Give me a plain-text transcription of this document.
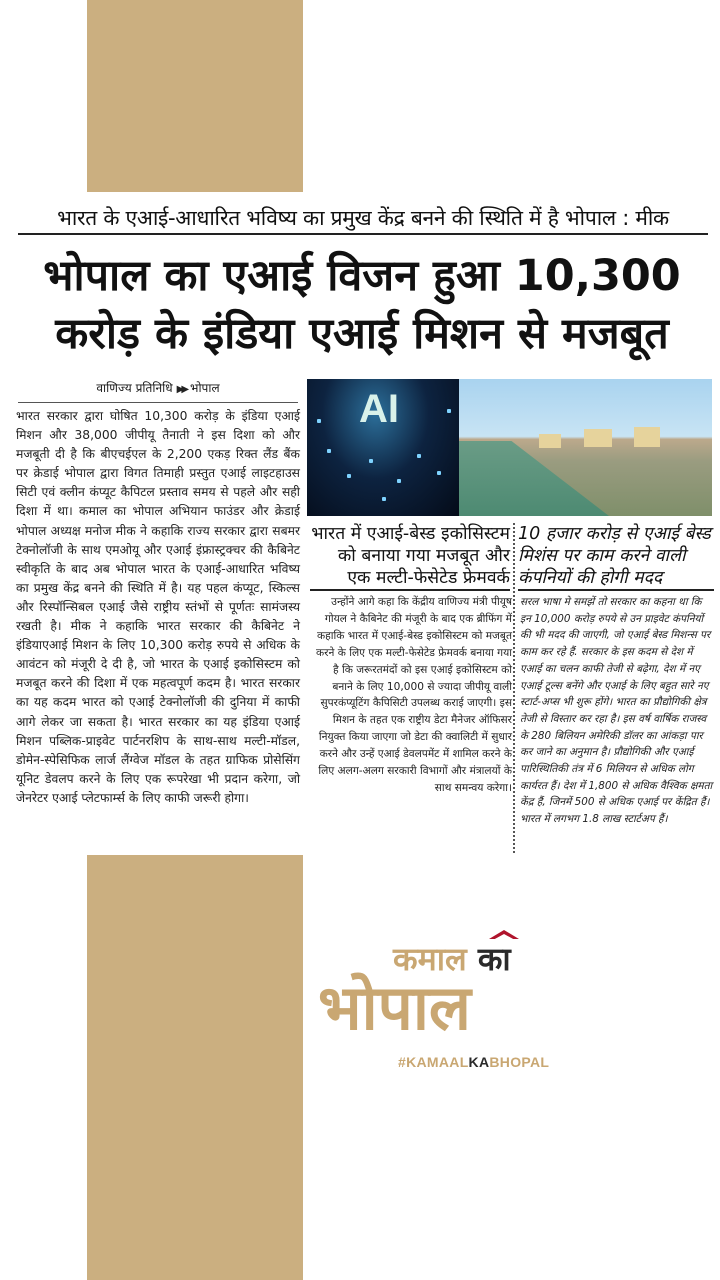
भारत के एआई-आधारित भविष्य का प्रमुख केंद्र बनने की स्थिति में है भोपाल : मीक
भोपाल का एआई विजन हुआ 10,300
करोड़ के इंडिया एआई मिशन से मजबूत
वाणिज्य प्रतिनिधि ▶▶ भोपाल
भारत सरकार द्वारा घोषित 10,300 करोड़ के इंडिया एआई मिशन और 38,000 जीपीयू तैनाती ने इस दिशा को और मजबूती दी है कि बीएचईएल के 2,200 एकड़ रिक्त लैंड बैंक पर क्रेडाई भोपाल द्वारा विगत तिमाही प्रस्तुत एआई लाइटहाउस सिटी एवं क्लीन कंप्यूट कैपिटल प्रस्ताव समय से पहले और सही दिशा में था। कमाल का भोपाल अभियान फाउंडर और क्रेडाई भोपाल अध्यक्ष मनोज मीक ने कहाकि राज्य सरकार द्वारा सबमर टेक्नोलॉजी के साथ एमओयू और एआई इंफ्रास्ट्रक्चर की कैबिनेट स्वीकृति के बाद अब भोपाल भारत के एआई-आधारित भविष्य का प्रमुख केंद्र बनने की स्थिति में है। यह पहल कंप्यूट, स्किल्स और रिस्पॉन्सिबल एआई जैसे राष्ट्रीय स्तंभों से पूर्णतः सामंजस्य रखती है। मीक ने कहाकि भारत सरकार की कैबिनेट ने इंडियाएआई मिशन के लिए 10,300 करोड़ रुपये से अधिक के आवंटन को मंजूरी दे दी है, जो भारत के एआई इकोसिस्टम को मजबूत करने की दिशा में एक महत्वपूर्ण कदम है। भारत सरकार का यह कदम भारत को एआई टेक्नोलॉजी की दुनिया में काफी आगे लेकर जा सकता है। भारत सरकार का यह इंडिया एआई मिशन पब्लिक-प्राइवेट पार्टनरशिप के साथ-साथ मल्टी-मॉडल, डोमेन-स्पेसिफिक लार्ज लैंग्वेज मॉडल के तहत ग्राफिक प्रोसेसिंग यूनिट डेवलप करने के लिए एक रूपरेखा भी प्रदान करेगा, जो जेनरेटर एआई प्लेटफार्म्स के लिए काफी जरूरी होगा।
AI
भारत में एआई-बेस्ड इकोसिस्टम को बनाया गया मजबूत और एक मल्टी-फेसेटेड फ्रेमवर्क
उन्होंने आगे कहा कि केंद्रीय वाणिज्य मंत्री पीयूष गोयल ने कैबिनेट की मंजूरी के बाद एक ब्रीफिंग में कहाकि भारत में एआई-बेस्ड इकोसिस्टम को मजबूत करने के लिए एक मल्टी-फेसेटेड फ्रेमवर्क बनाया गया है कि जरूरतमंदों को इस एआई इकोसिस्टम को बनाने के लिए 10,000 से ज्यादा जीपीयू वाली सुपरकंप्यूटिंग कैपिसिटी उपलब्ध कराई जाएगी। इस मिशन के तहत एक राष्ट्रीय डेटा मैनेजर ऑफिसर नियुक्त किया जाएगा जो डेटा की क्वालिटी में सुधार करने और उन्हें एआई डेवलपमेंट में शामिल करने के लिए अलग-अलग सरकारी विभागों और मंत्रालयों के साथ समन्वय करेगा।
10 हजार करोड़ से एआई बेस्ड मिशंस पर काम करने वाली कंपनियों की होगी मदद
सरल भाषा मे समझें तो सरकार का कहना था कि इन 10,000 करोड़ रुपये से उन प्राइवेट कंपनियों की भी मदद की जाएगी, जो एआई बेस्ड मिशन्स पर काम कर रहे हैं. सरकार के इस कदम से देश में एआई का चलन काफी तेजी से बढ़ेगा, देश में नए एआई टूल्स बनेंगे और एआई के लिए बहुत सारे नए स्टार्ट-अप्स भी शुरू होंगे। भारत का प्रौद्योगिकी क्षेत्र तेजी से विस्तार कर रहा है। इस वर्ष वार्षिक राजस्व के 280 बिलियन अमेरिकी डॉलर का आंकड़ा पार कर जाने का अनुमान है। प्रौद्योगिकी और एआई पारिस्थितिकी तंत्र में 6 मिलियन से अधिक लोग कार्यरत हैं। देश में 1,800 से अधिक वैश्विक क्षमता केंद्र हैं, जिनमें 500 से अधिक एआई पर केंद्रित हैं। भारत में लगभग 1.8 लाख स्टार्टअप हैं।
कमाल का
भोपाल
#KAMAALKABHOPAL
